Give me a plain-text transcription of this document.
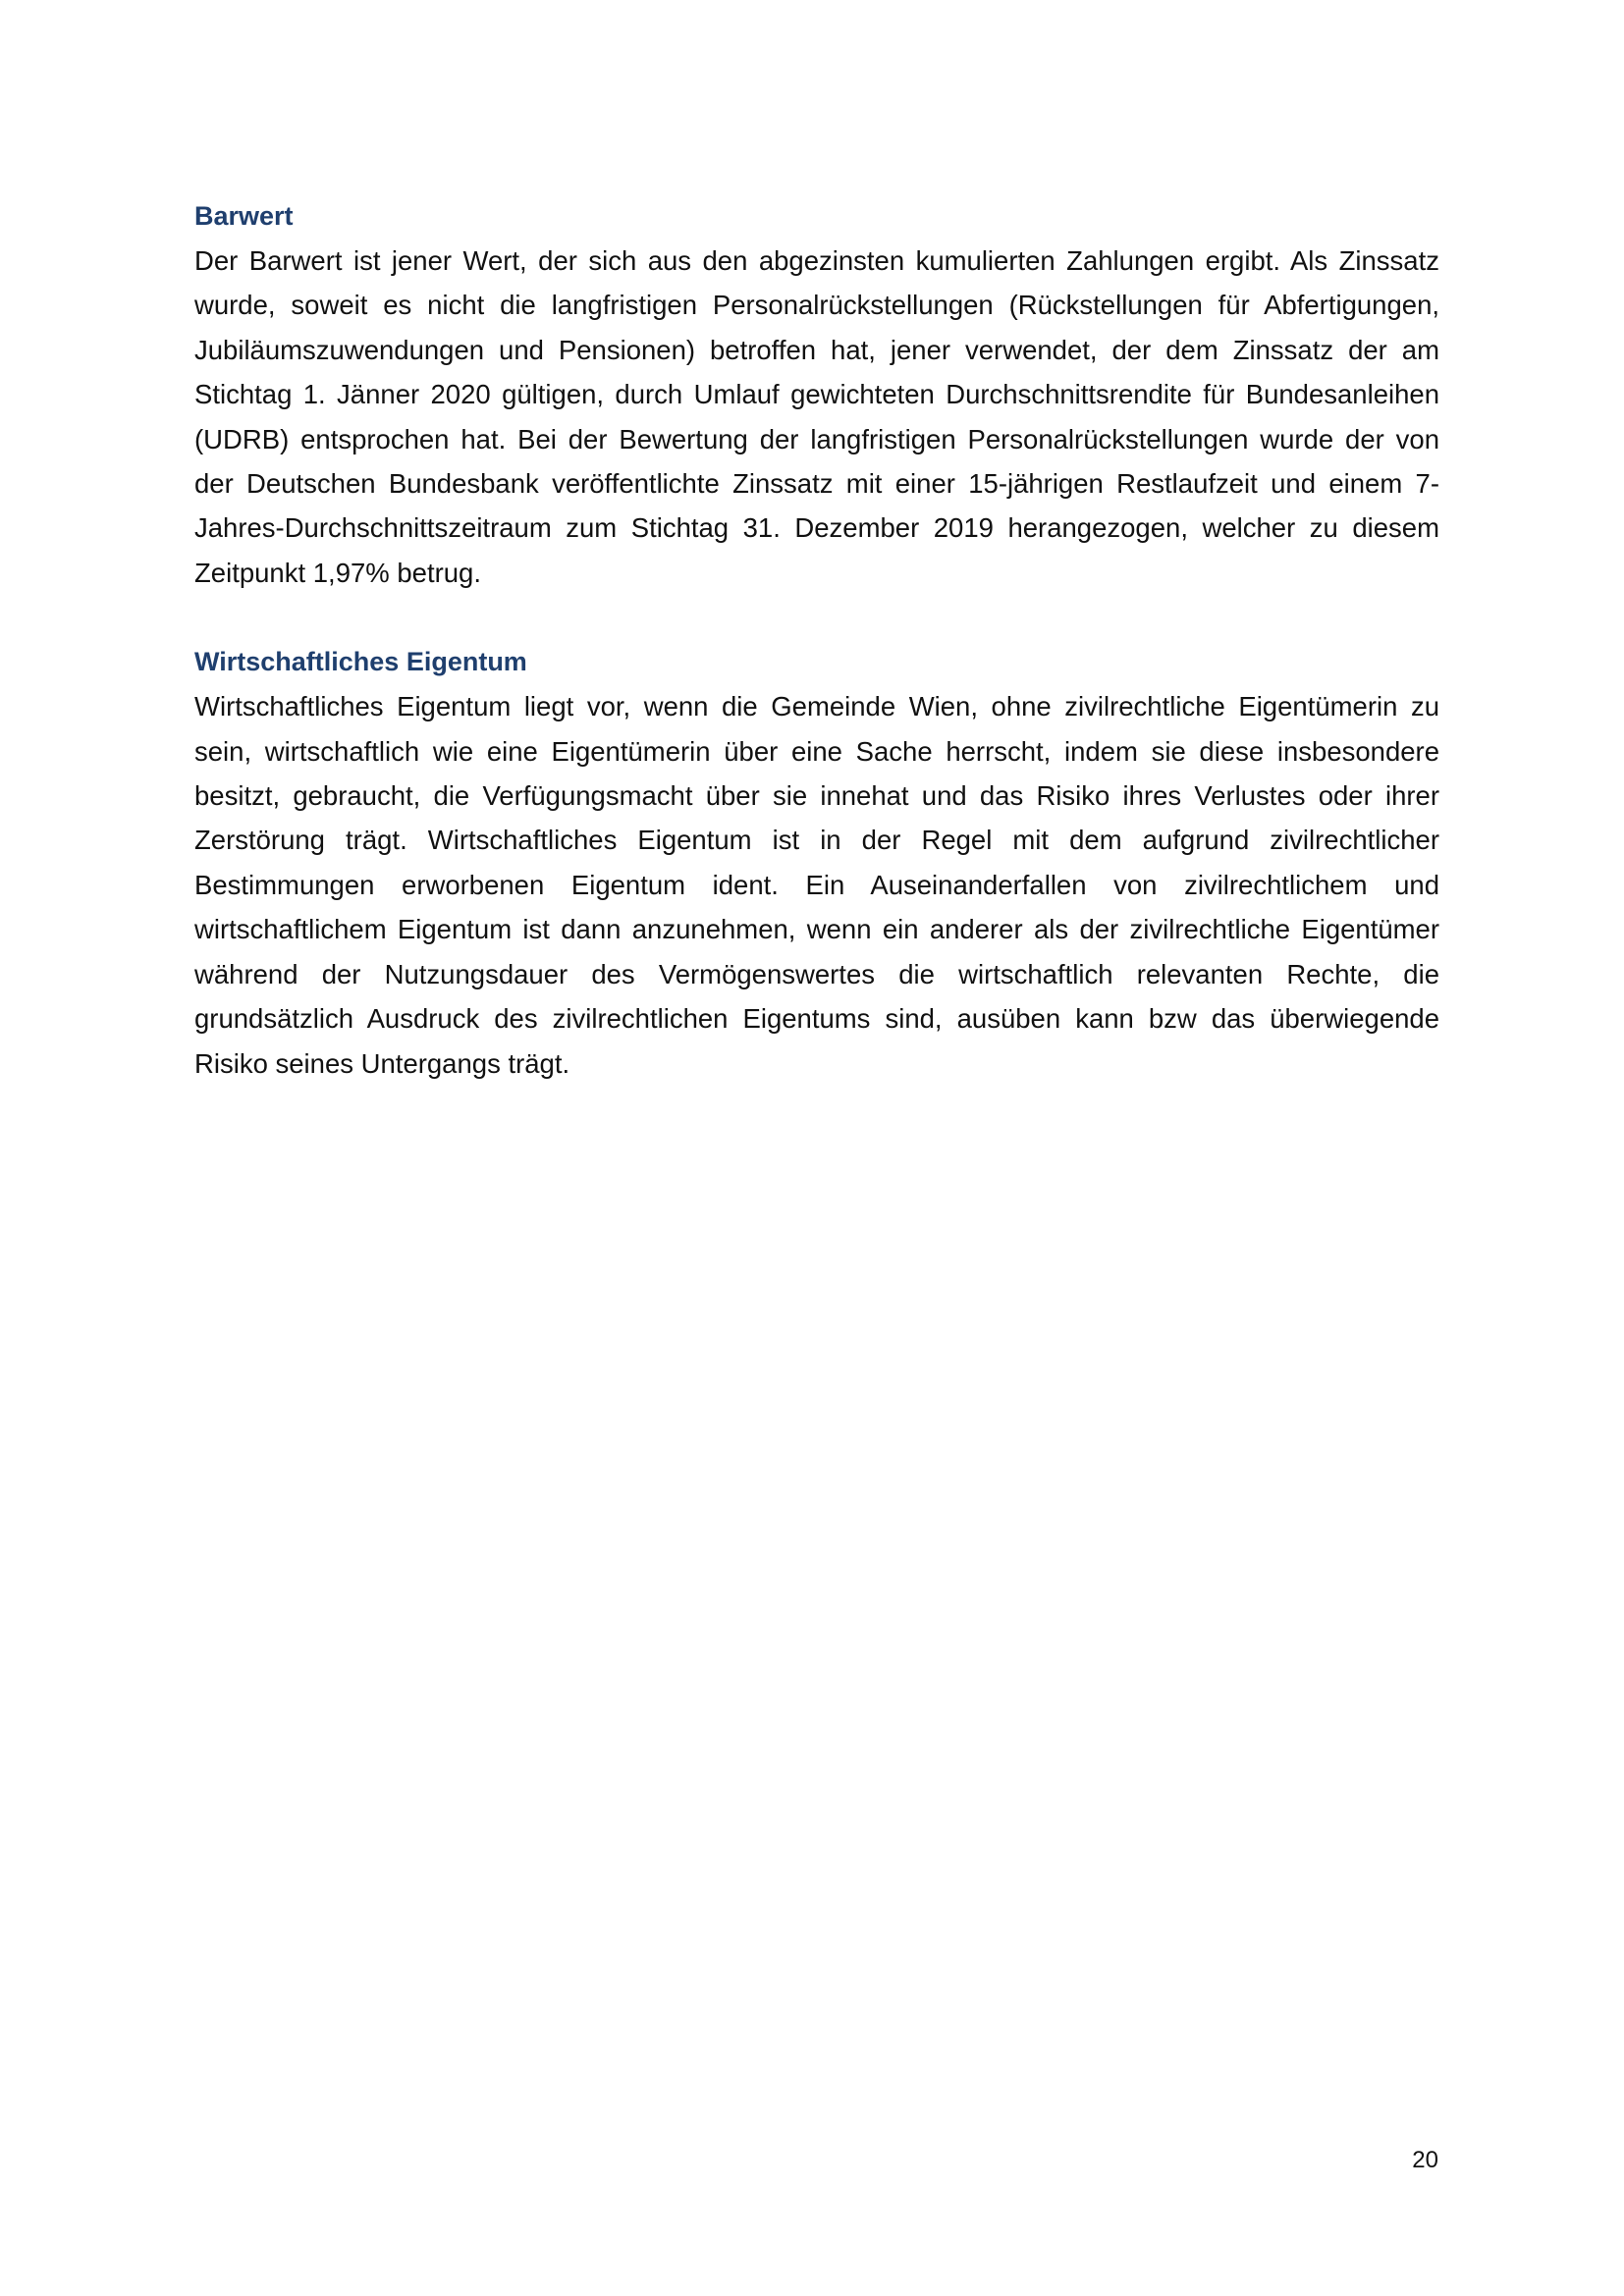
Barwert

Der Barwert ist jener Wert, der sich aus den abgezinsten kumulierten Zahlungen ergibt. Als Zinssatz wurde, soweit es nicht die langfristigen Personalrückstellungen (Rückstellungen für Abfertigungen, Jubiläumszuwendungen und Pensionen) betroffen hat, jener verwendet, der dem Zinssatz der am Stichtag 1. Jänner 2020 gültigen, durch Umlauf gewichteten Durchschnittsrendite für Bundesanleihen (UDRB) entsprochen hat. Bei der Bewertung der langfristigen Personalrückstellungen wurde der von der Deutschen Bundesbank veröffentlichte Zinssatz mit einer 15-jährigen Restlaufzeit und einem 7-Jahres-Durchschnittszeitraum zum Stichtag 31. Dezember 2019 herangezogen, welcher zu diesem Zeitpunkt 1,97% betrug.

Wirtschaftliches Eigentum

Wirtschaftliches Eigentum liegt vor, wenn die Gemeinde Wien, ohne zivilrechtliche Eigentümerin zu sein, wirtschaftlich wie eine Eigentümerin über eine Sache herrscht, indem sie diese insbesondere besitzt, gebraucht, die Verfügungsmacht über sie innehat und das Risiko ihres Verlustes oder ihrer Zerstörung trägt. Wirtschaftliches Eigentum ist in der Regel mit dem aufgrund zivilrechtlicher Bestimmungen erworbenen Eigentum ident. Ein Auseinanderfallen von zivilrechtlichem und wirtschaftlichem Eigentum ist dann anzunehmen, wenn ein anderer als der zivilrechtliche Eigentümer während der Nutzungsdauer des Vermögenswertes die wirtschaftlich relevanten Rechte, die grundsätzlich Ausdruck des zivilrechtlichen Eigentums sind, ausüben kann bzw das überwiegende Risiko seines Untergangs trägt.

20
